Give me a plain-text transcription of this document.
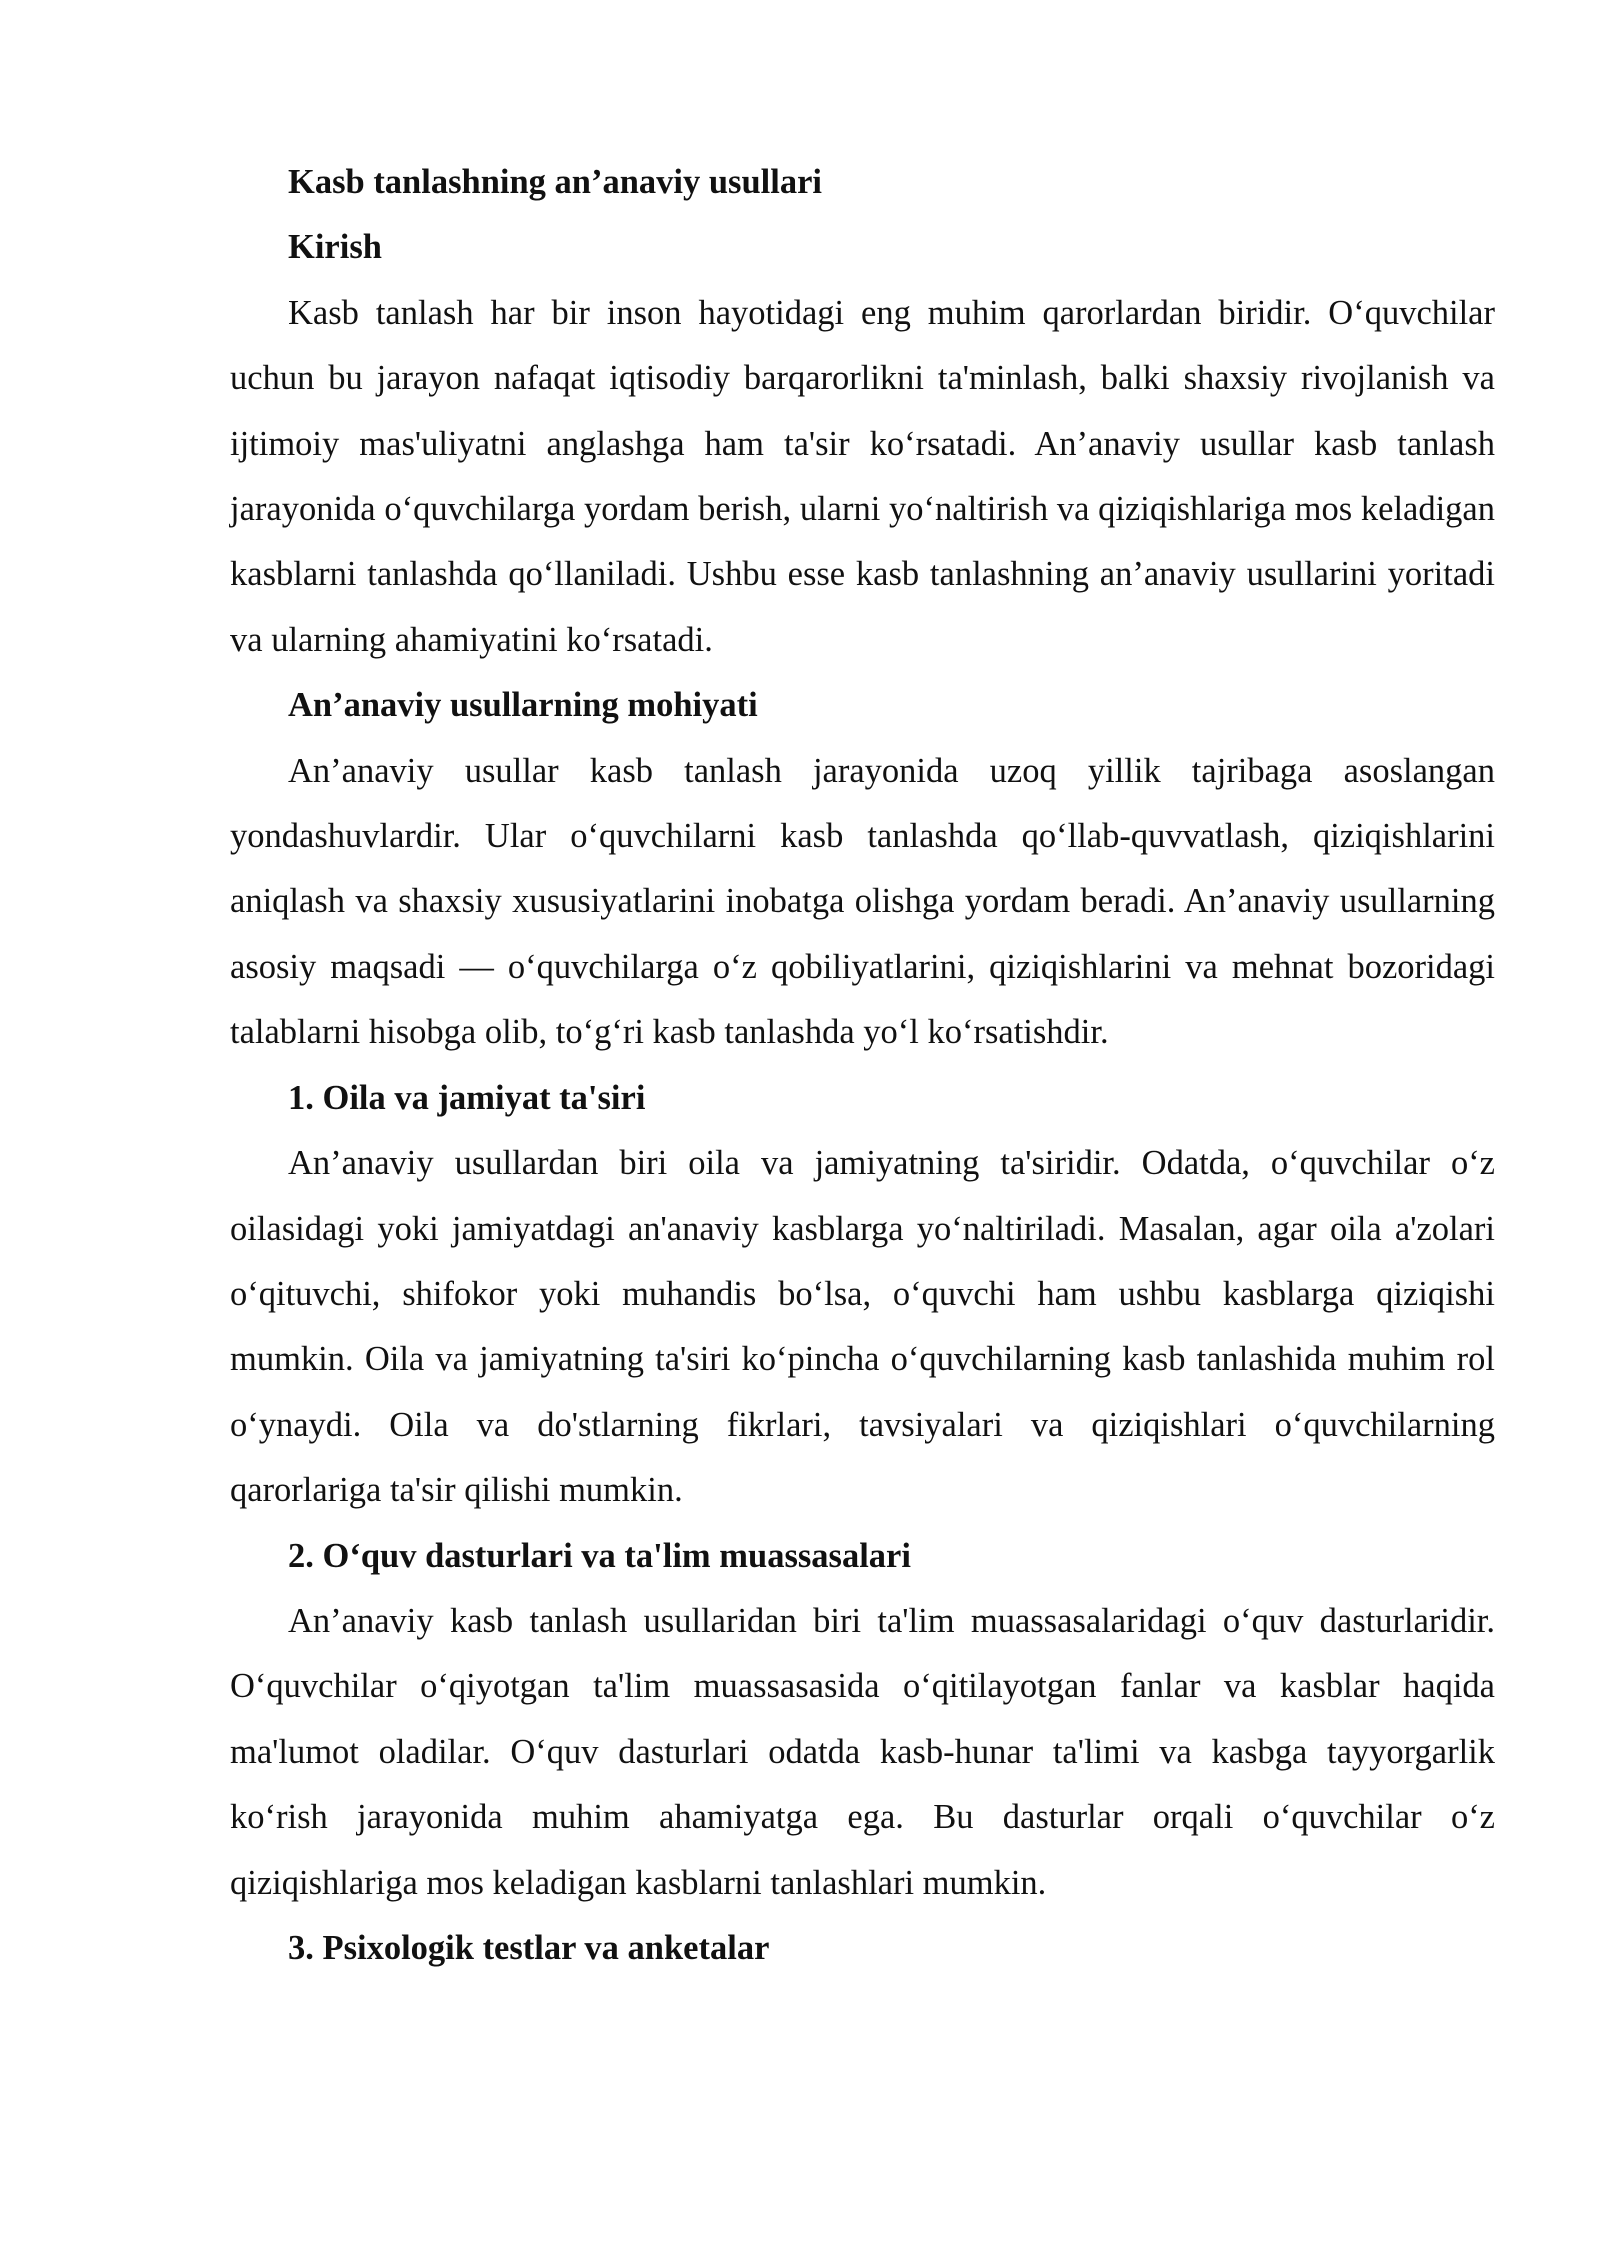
Kasb tanlashning an’anaviy usullari
Kirish

Kasb tanlash har bir inson hayotidagi eng muhim qarorlardan biridir. O‘quvchilar uchun bu jarayon nafaqat iqtisodiy barqarorlikni ta'minlash, balki shaxsiy rivojlanish va ijtimoiy mas'uliyatni anglashga ham ta'sir ko‘rsatadi. An’anaviy usullar kasb tanlash jarayonida o‘quvchilarga yordam berish, ularni yo‘naltirish va qiziqishlariga mos keladigan kasblarni tanlashda qo‘llaniladi. Ushbu esse kasb tanlashning an’anaviy usullarini yoritadi va ularning ahamiyatini ko‘rsatadi.

An’anaviy usullarning mohiyati

An’anaviy usullar kasb tanlash jarayonida uzoq yillik tajribaga asoslangan yondashuvlardir. Ular o‘quvchilarni kasb tanlashda qo‘llab-quvvatlash, qiziqishlarini aniqlash va shaxsiy xususiyatlarini inobatga olishga yordam beradi. An’anaviy usullarning asosiy maqsadi — o‘quvchilarga o‘z qobiliyatlarini, qiziqishlarini va mehnat bozoridagi talablarni hisobga olib, to‘g‘ri kasb tanlashda yo‘l ko‘rsatishdir.

1. Oila va jamiyat ta'siri

An’anaviy usullardan biri oila va jamiyatning ta'siridir. Odatda, o‘quvchilar o‘z oilasidagi yoki jamiyatdagi an'anaviy kasblarga yo‘naltiriladi. Masalan, agar oila a'zolari o‘qituvchi, shifokor yoki muhandis bo‘lsa, o‘quvchi ham ushbu kasblarga qiziqishi mumkin. Oila va jamiyatning ta'siri ko‘pincha o‘quvchilarning kasb tanlashida muhim rol o‘ynaydi. Oila va do'stlarning fikrlari, tavsiyalari va qiziqishlari o‘quvchilarning qarorlariga ta'sir qilishi mumkin.

2. O‘quv dasturlari va ta'lim muassasalari

An’anaviy kasb tanlash usullaridan biri ta'lim muassasalaridagi o‘quv dasturlaridir. O‘quvchilar o‘qiyotgan ta'lim muassasasida o‘qitilayotgan fanlar va kasblar haqida ma'lumot oladilar. O‘quv dasturlari odatda kasb-hunar ta'limi va kasbga tayyorgarlik ko‘rish jarayonida muhim ahamiyatga ega. Bu dasturlar orqali o‘quvchilar o‘z qiziqishlariga mos keladigan kasblarni tanlashlari mumkin.

3. Psixologik testlar va anketalar
